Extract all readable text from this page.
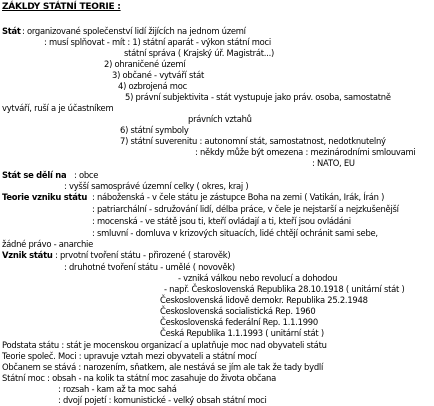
ZÁKLDY STÁTNÍ TEORIE :
Stát : organizované společenství lidí žijících na jednom území
: musí splňovat - mít : 1) státní aparát - výkon státní moci
státní správa ( Krajský úř. Magistrát...)
2) ohraničené území
3) občané - vytváří stát
4) ozbrojená moc
5) právní subjektivita - stát vystupuje jako práv. osoba, samostatně
vytváří, ruší a je účastníkem
právních vztahů
6) státní symboly
7) státní suverenitu : autonomní stát, samostatnost, nedotknutelný
: někdy může být omezena : mezinárodními smlouvami
: NATO, EU
Stát se dělí na : obce
: vyšší samosprávé územní celky ( okres, kraj )
Teorie vzniku státu : náboženská - v čele státu je zástupce Boha na zemi ( Vatikán, Irák, Írán )
: patriarchální - sdružování lidí, délba práce, v čele je nejstarší a nejzkušenější
: mocenská - ve státě jsou ti, kteří ovládají a ti, kteří jsou ovládáni
: smluvní - domluva v krizových situacích, lidé chtějí ochránit sami sebe,
žádné právo - anarchie
Vznik státu : prvotní tvoření státu - přirozené ( starověk)
: druhotné tvoření státu - umělé ( novověk)
- vzniká válkou nebo revolucí a dohodou
- např. Československá Republika 28.10.1918 ( unitární stát )
Československá lidově demokr. Republika 25.2.1948
Československá socialistická Rep. 1960
Československá federální Rep. 1.1.1990
Česká Republika 1.1.1993 ( unitární stát )
Podstata státu : stát je mocenskou organizací a uplatňuje moc nad obyvateli státu
Teorie společ. Moci : upravuje vztah mezi obyvateli a státní mocí
Občanem se stává : narozením, sňatkem, ale nestává se jím ale tak že tady bydlí
Státní moc : obsah - na kolik ta státní moc zasahuje do života občana
: rozsah - kam až ta moc sahá
: dvojí pojetí : komunistické - velký obsah státní moci
